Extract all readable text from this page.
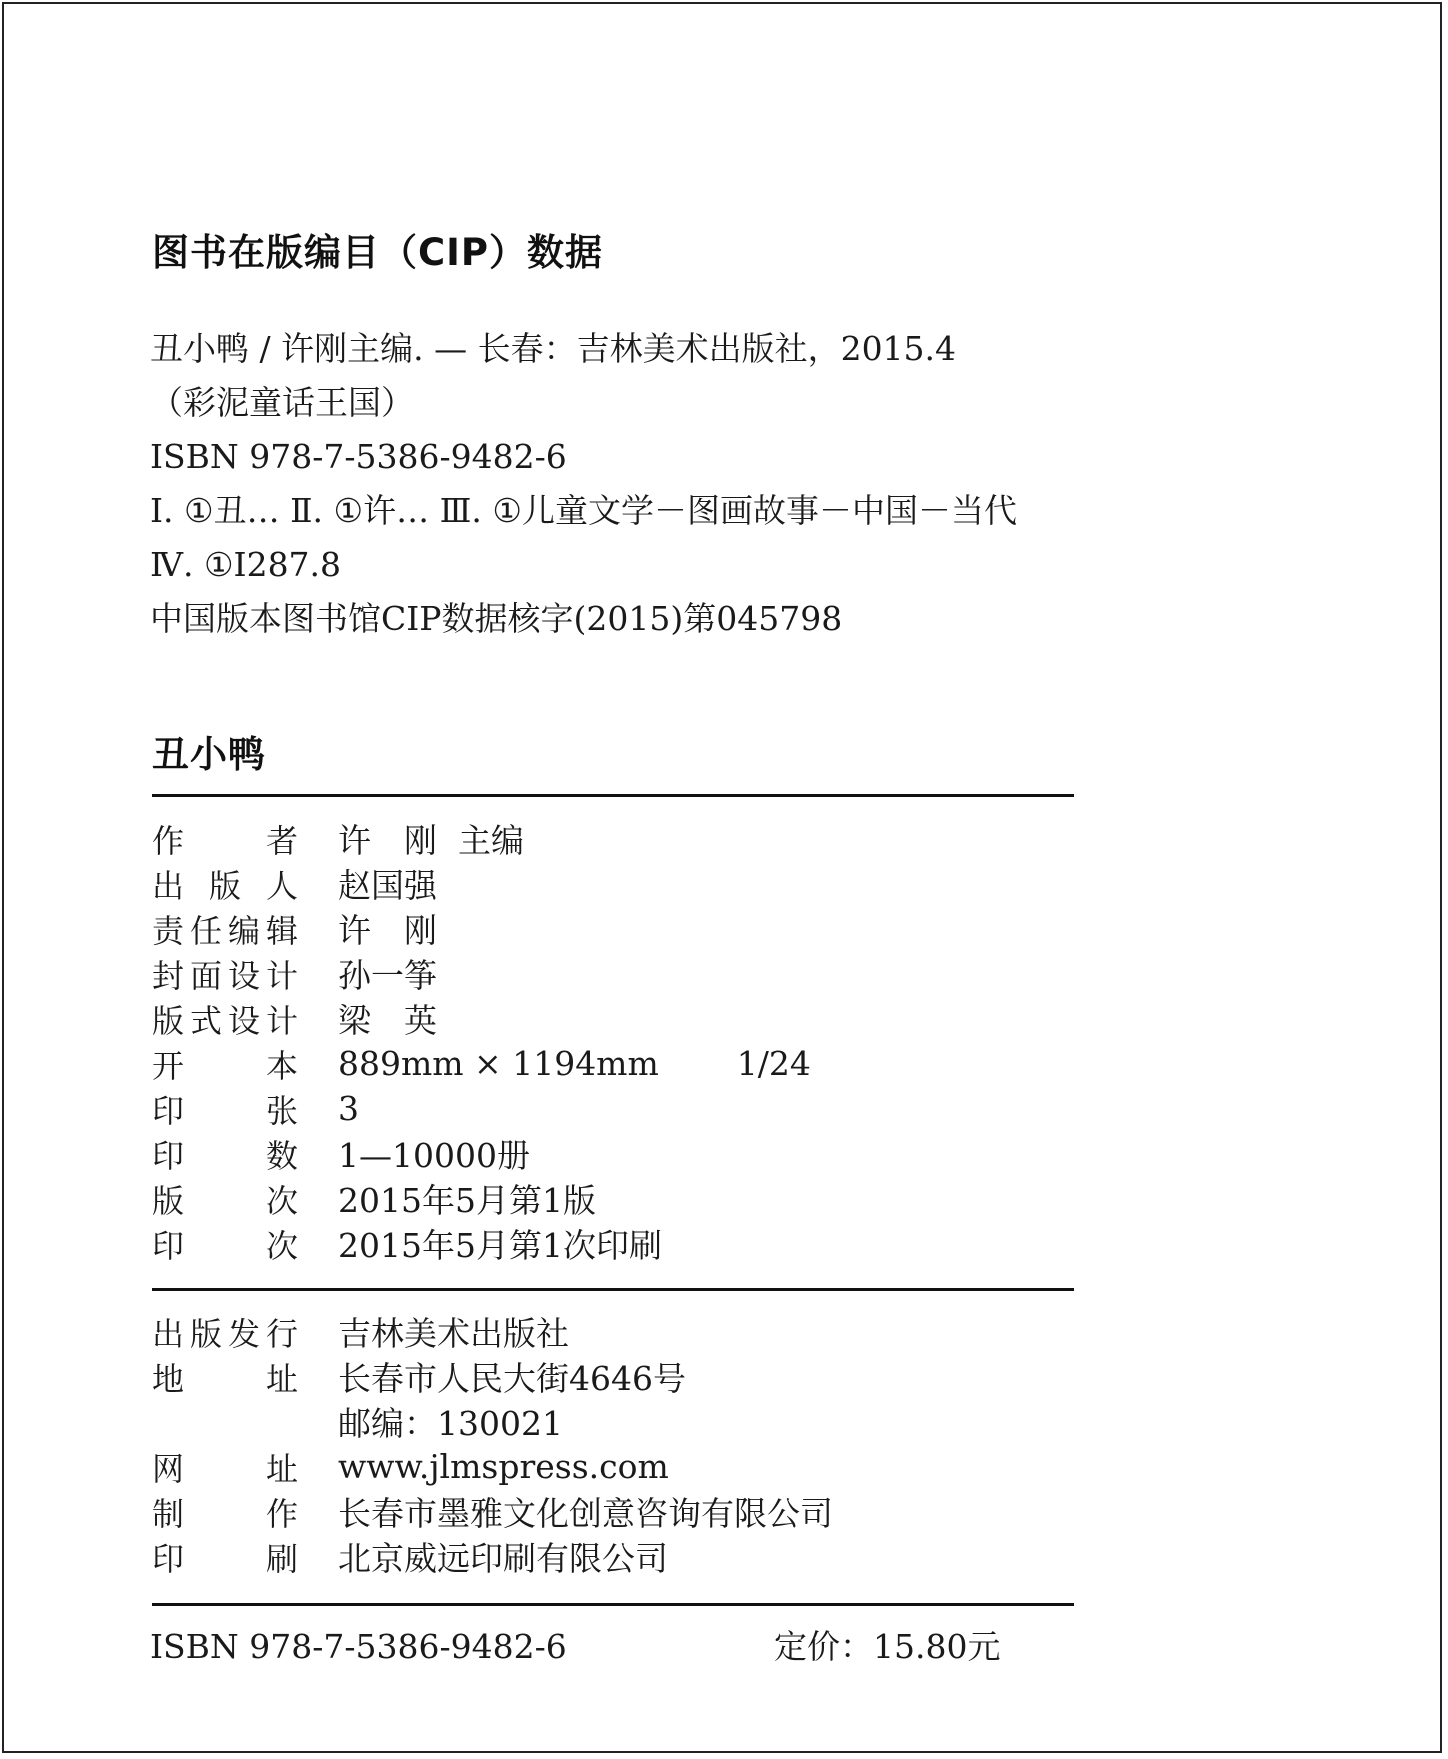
图书在版编目（CIP）数据
丑小鸭 / 许刚主编. — 长春：吉林美术出版社，2015.4
（彩泥童话王国）
ISBN 978-7-5386-9482-6
Ⅰ. ①丑… Ⅱ. ①许… Ⅲ. ①儿童文学－图画故事－中国－当代
Ⅳ. ①I287.8
中国版本图书馆CIP数据核字(2015)第045798
丑小鸭
作	者 许　刚  主编
出 版 人 赵国强
责 任 编 辑 许　刚
封 面 设 计 孙一筝
版 式 设 计 梁　英
开	本 889mm × 1194mm 1/24
印	张 3
印	数 1—10000册
版	次 2015年5月第1版
印	次 2015年5月第1次印刷
出 版 发 行 吉林美术出版社
地	址 长春市人民大街4646号
邮编：130021
网	址 www.jlmspress.com
制	作 长春市墨雅文化创意咨询有限公司
印	刷 北京威远印刷有限公司
ISBN 978-7-5386-9482-6	定价：15.80元
